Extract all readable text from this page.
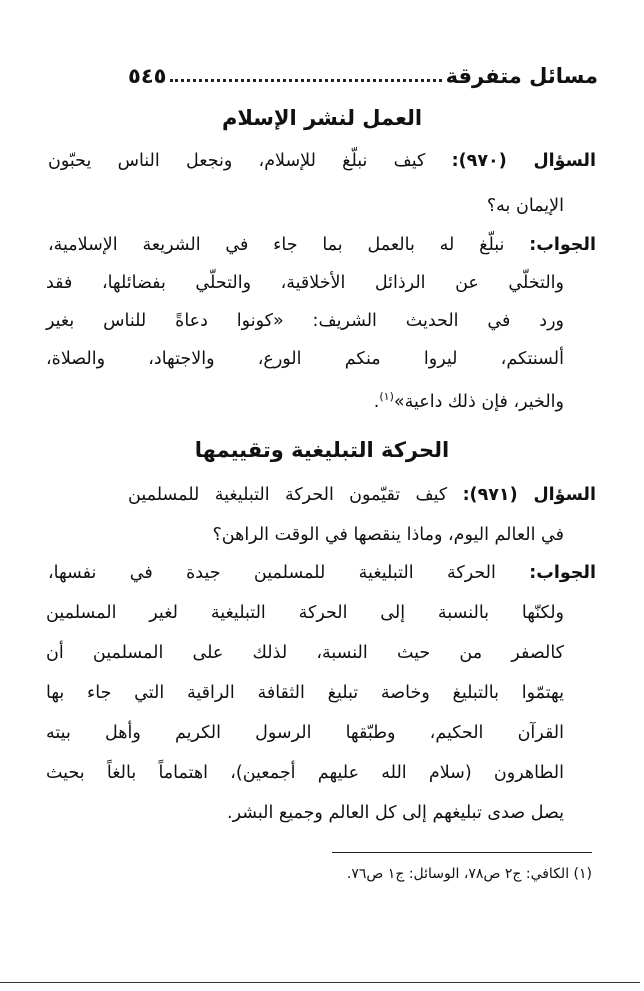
مسائل متفرقة
٥٤٥
العمل لنشر الإسلام
السؤال (٩٧٠): كيف نبلّغ للإسلام، ونجعل الناس يحبّون
الإيمان به؟
الجواب: نبلّغ له بالعمل بما جاء في الشريعة الإسلامية،
والتخلّي عن الرذائل الأخلاقية، والتحلّي بفضائلها، فقد
ورد في الحديث الشريف: «كونوا دعاةً للناس بغير
ألسنتكم، ليروا منكم الورع، والاجتهاد، والصلاة،
والخير، فإن ذلك داعية»$^{(١)}$.
الحركة التبليغية وتقييمها
السؤال (٩٧١): كيف تقيّمون الحركة التبليغية للمسلمين
في العالم اليوم، وماذا ينقصها في الوقت الراهن؟
الجواب: الحركة التبليغية للمسلمين جيدة في نفسها،
ولكنّها بالنسبة إلى الحركة التبليغية لغير المسلمين
كالصفر من حيث النسبة، لذلك على المسلمين أن
يهتمّوا بالتبليغ وخاصة تبليغ الثقافة الراقية التي جاء بها
القرآن الحكيم، وطبّقها الرسول الكريم وأهل بيته
الطاهرون (سلام الله عليهم أجمعين)، اهتماماً بالغاً بحيث
يصل صدى تبليغهم إلى كل العالم وجميع البشر.
(١) الكافي: ج٢ ص٧٨، الوسائل: ج١ ص٧٦.
